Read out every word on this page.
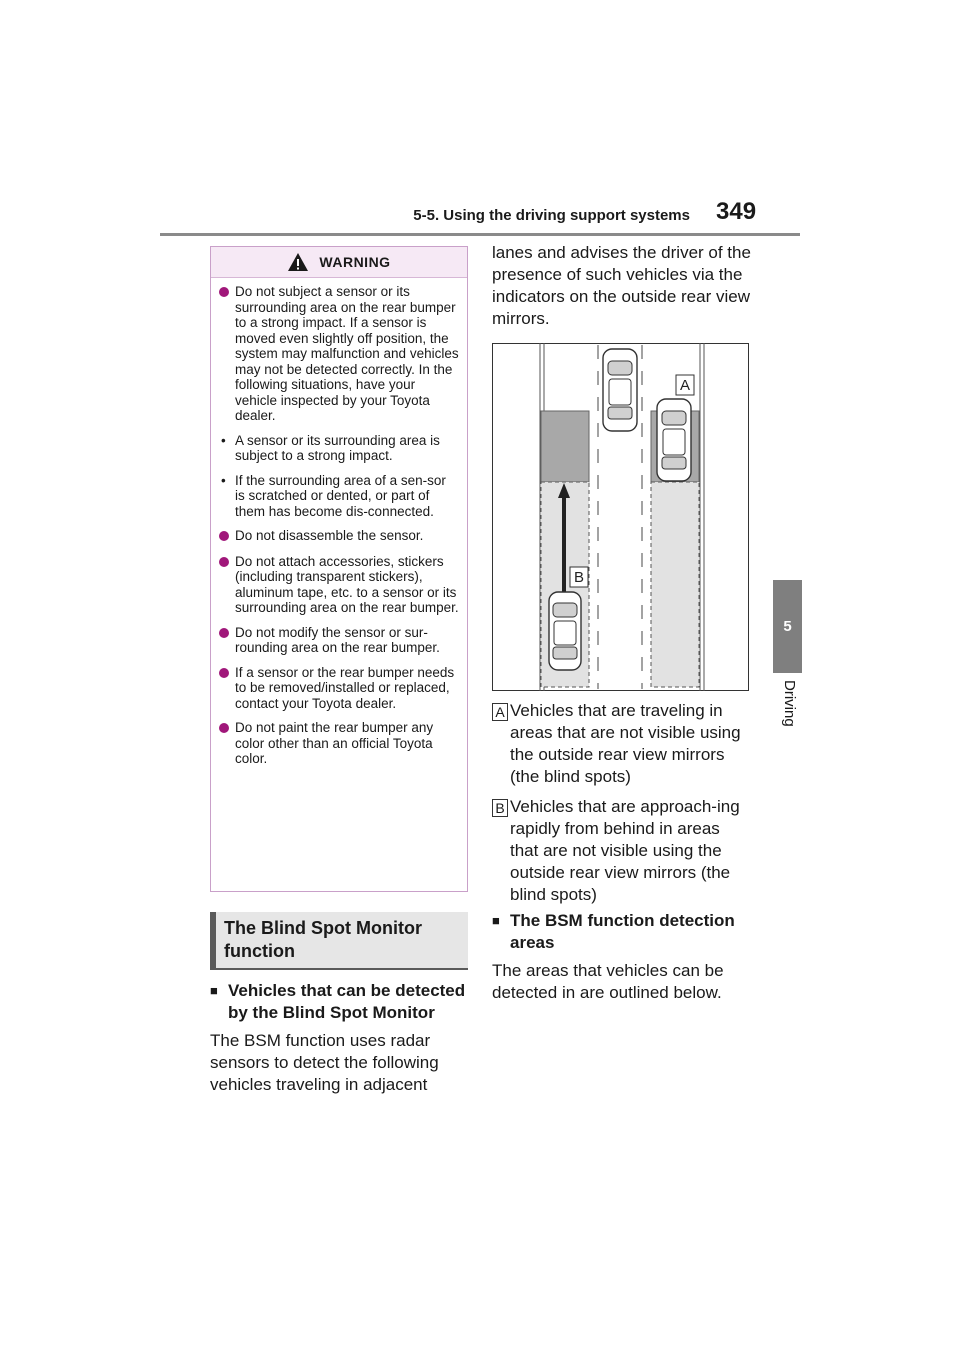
5-5. Using the driving support systems 349
5
Driving
WARNING
Do not subject a sensor or its surrounding area on the rear bumper to a strong impact. If a sensor is moved even slightly off position, the system may malfunction and vehicles may not be detected correctly. In the following situations, have your vehicle inspected by your Toyota dealer.
• A sensor or its surrounding area is subject to a strong impact.
• If the surrounding area of a sen-sor is scratched or dented, or part of them has become dis-connected.
Do not disassemble the sensor.
Do not attach accessories, stickers (including transparent stickers), aluminum tape, etc. to a sensor or its surrounding area on the rear bumper.
Do not modify the sensor or sur-rounding area on the rear bumper.
If a sensor or the rear bumper needs to be removed/installed or replaced, contact your Toyota dealer.
Do not paint the rear bumper any color other than an official Toyota color.
The Blind Spot Monitor function
■ Vehicles that can be detected by the Blind Spot Monitor
The BSM function uses radar sensors to detect the following vehicles traveling in adjacent
lanes and advises the driver of the presence of such vehicles via the indicators on the outside rear view mirrors.
A
B
A Vehicles that are traveling in areas that are not visible using the outside rear view mirrors (the blind spots)
B Vehicles that are approach-ing rapidly from behind in areas that are not visible using the outside rear view mirrors (the blind spots)
■ The BSM function detection areas
The areas that vehicles can be detected in are outlined below.
